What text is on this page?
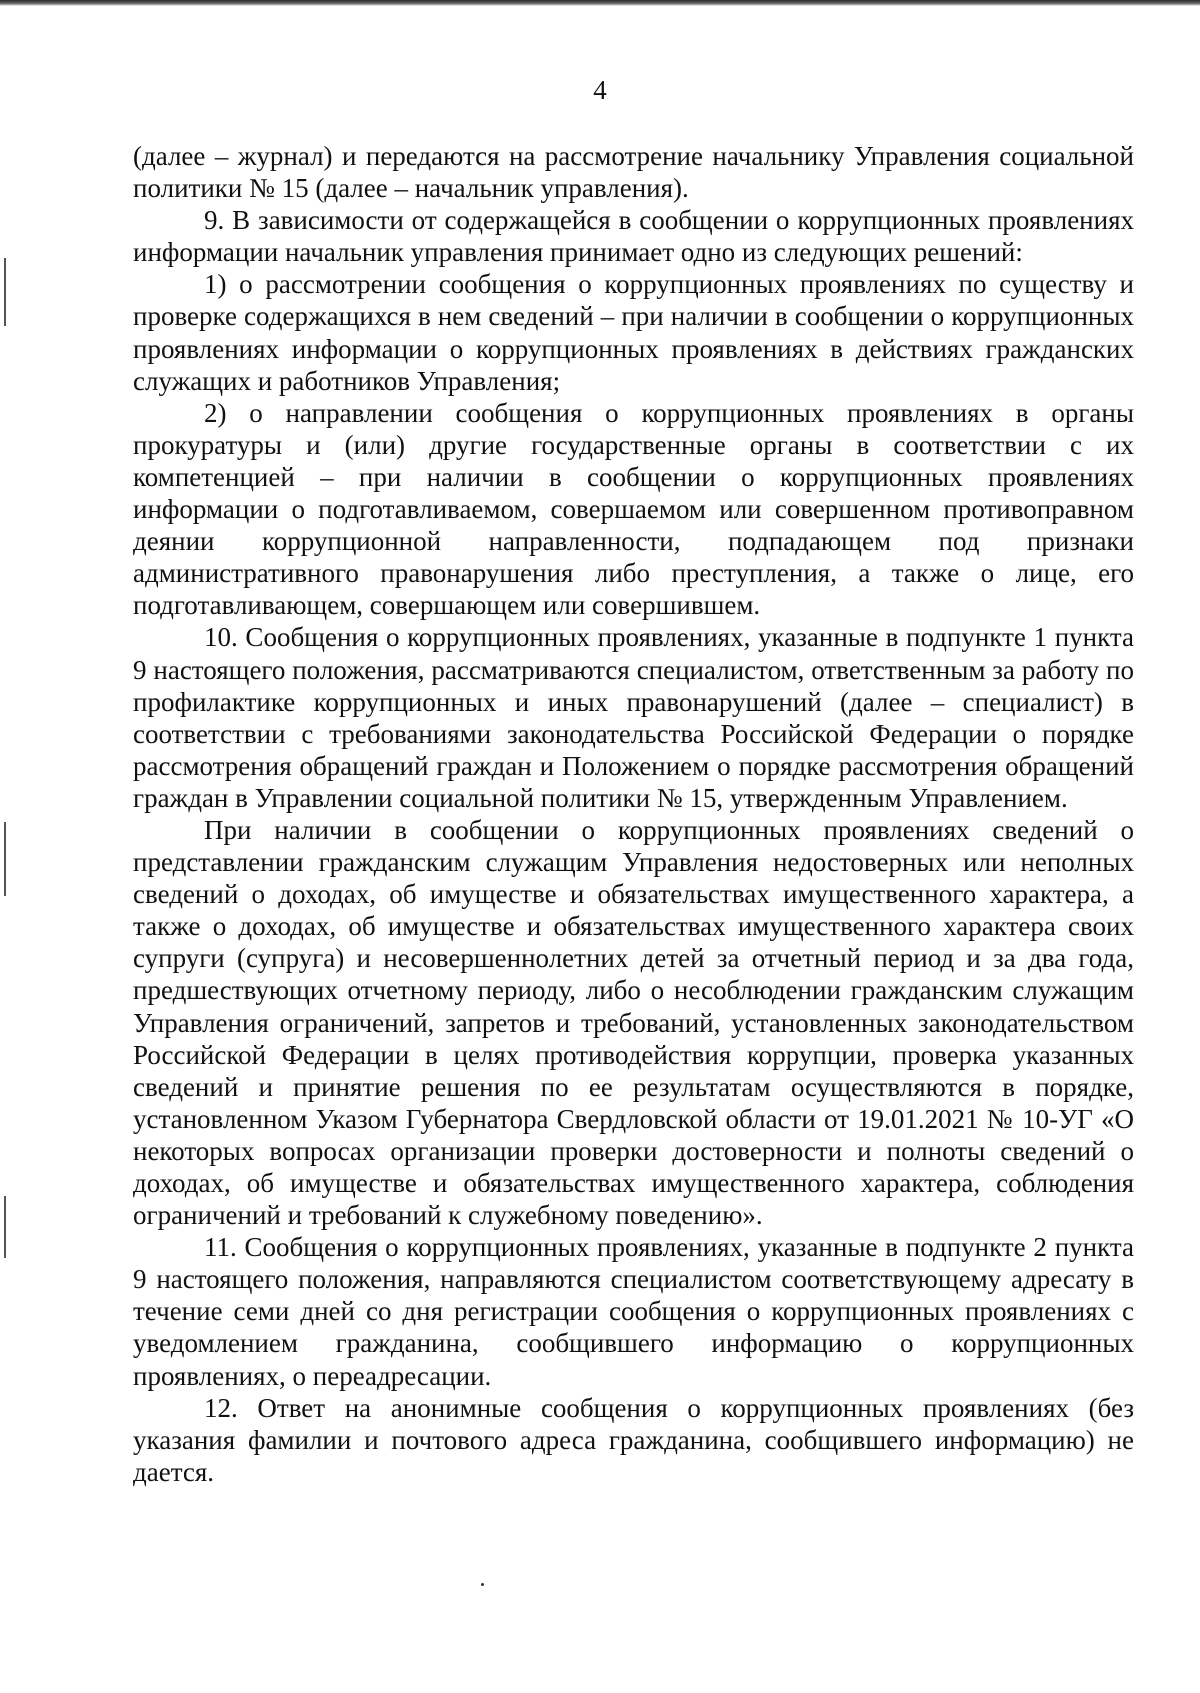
4

(далее – журнал) и передаются на рассмотрение начальнику Управления социальной политики № 15 (далее – начальник управления).

9. В зависимости от содержащейся в сообщении о коррупционных проявлениях информации начальник управления принимает одно из следующих решений:

1) о рассмотрении сообщения о коррупционных проявлениях по существу и проверке содержащихся в нем сведений – при наличии в сообщении о коррупционных проявлениях информации о коррупционных проявлениях в действиях гражданских служащих и работников Управления;

2) о направлении сообщения о коррупционных проявлениях в органы прокуратуры и (или) другие государственные органы в соответствии с их компетенцией – при наличии в сообщении о коррупционных проявлениях информации о подготавливаемом, совершаемом или совершенном противоправном деянии коррупционной направленности, подпадающем под признаки административного правонарушения либо преступления, а также о лице, его подготавливающем, совершающем или совершившем.

10. Сообщения о коррупционных проявлениях, указанные в подпункте 1 пункта 9 настоящего положения, рассматриваются специалистом, ответственным за работу по профилактике коррупционных и иных правонарушений (далее – специалист) в соответствии с требованиями законодательства Российской Федерации о порядке рассмотрения обращений граждан и Положением о порядке рассмотрения обращений граждан в Управлении социальной политики № 15, утвержденным Управлением.

При наличии в сообщении о коррупционных проявлениях сведений о представлении гражданским служащим Управления недостоверных или неполных сведений о доходах, об имуществе и обязательствах имущественного характера, а также о доходах, об имуществе и обязательствах имущественного характера своих супруги (супруга) и несовершеннолетних детей за отчетный период и за два года, предшествующих отчетному периоду, либо о несоблюдении гражданским служащим Управления ограничений, запретов и требований, установленных законодательством Российской Федерации в целях противодействия коррупции, проверка указанных сведений и принятие решения по ее результатам осуществляются в порядке, установленном Указом Губернатора Свердловской области от 19.01.2021 № 10-УГ «О некоторых вопросах организации проверки достоверности и полноты сведений о доходах, об имуществе и обязательствах имущественного характера, соблюдения ограничений и требований к служебному поведению».

11. Сообщения о коррупционных проявлениях, указанные в подпункте 2 пункта 9 настоящего положения, направляются специалистом соответствующему адресату в течение семи дней со дня регистрации сообщения о коррупционных проявлениях с уведомлением гражданина, сообщившего информацию о коррупционных проявлениях, о переадресации.

12. Ответ на анонимные сообщения о коррупционных проявлениях (без указания фамилии и почтового адреса гражданина, сообщившего информацию) не дается.
